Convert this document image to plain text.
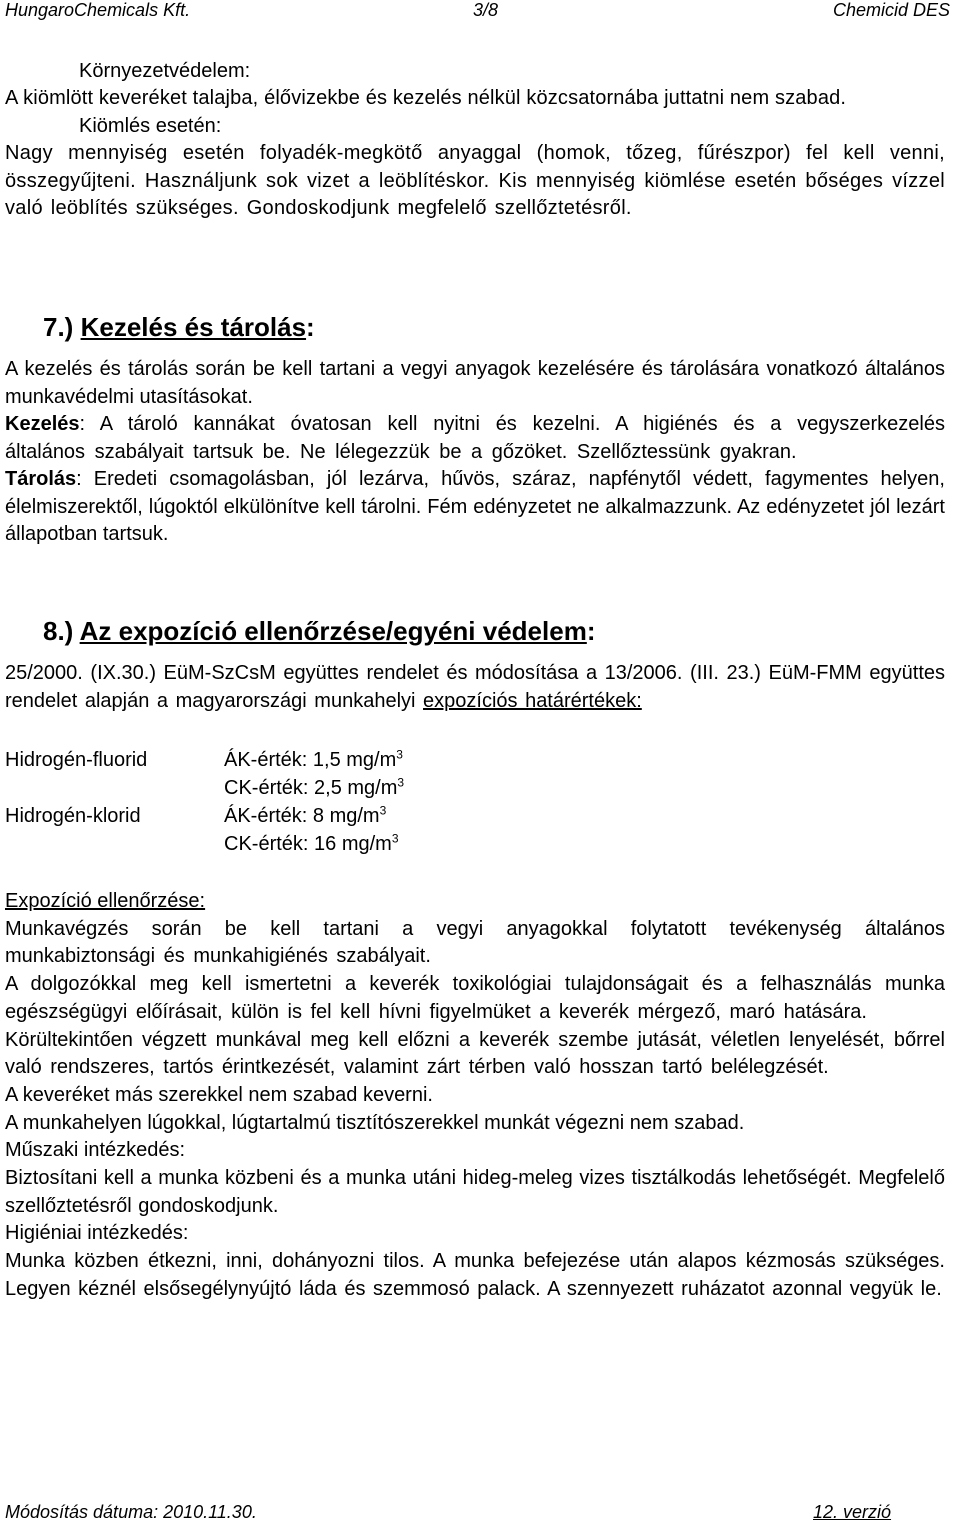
HungaroChemicals Kft.	3/8	Chemicid DES

Környezetvédelem:

A kiömlött keveréket talajba, élővizekbe és kezelés nélkül közcsatornába juttatni nem szabad.

Kiömlés esetén:

Nagy mennyiség esetén folyadék-megkötő anyaggal (homok, tőzeg, fűrészpor) fel kell venni, összegyűjteni. Használjunk sok vizet a leöblítéskor. Kis mennyiség kiömlése esetén bőséges vízzel való leöblítés szükséges. Gondoskodjunk megfelelő szellőztetésről.

7.) Kezelés és tárolás:

A kezelés és tárolás során be kell tartani a vegyi anyagok kezelésére és tárolására vonatkozó általános munkavédelmi utasításokat.

Kezelés: A tároló kannákat óvatosan kell nyitni és kezelni. A higiénés és a vegyszerkezelés általános szabályait tartsuk be. Ne lélegezzük be a gőzöket. Szellőztessünk gyakran.

Tárolás: Eredeti csomagolásban, jól lezárva, hűvös, száraz, napfénytől védett, fagymentes helyen, élelmiszerektől, lúgoktól elkülönítve kell tárolni. Fém edényzetet ne alkalmazzunk. Az edényzetet jól lezárt állapotban tartsuk.

8.) Az expozíció ellenőrzése/egyéni védelem:

25/2000. (IX.30.) EüM-SzCsM együttes rendelet és módosítása a 13/2006. (III. 23.) EüM-FMM együttes rendelet alapján a magyarországi munkahelyi expozíciós határértékek:

Hidrogén-fluorid	ÁK-érték: 1,5 $mg/m^3$
CK-érték: 2,5 $mg/m^3$
Hidrogén-klorid	ÁK-érték: 8 $mg/m^3$
CK-érték: 16 $mg/m^3$

Expozíció ellenőrzése:

Munkavégzés során be kell tartani a vegyi anyagokkal folytatott tevékenység általános munkabiztonsági és munkahigiénés szabályait.

A dolgozókkal meg kell ismertetni a keverék toxikológiai tulajdonságait és a felhasználás munka egészségügyi előírásait, külön is fel kell hívni figyelmüket a keverék mérgező, maró hatására.

Körültekintően végzett munkával meg kell előzni a keverék szembe jutását, véletlen lenyelését, bőrrel való rendszeres, tartós érintkezését, valamint zárt térben való hosszan tartó belélegzését.

A keveréket más szerekkel nem szabad keverni.

A munkahelyen lúgokkal, lúgtartalmú tisztítószerekkel munkát végezni nem szabad.

Műszaki intézkedés:

Biztosítani kell a munka közbeni és a munka utáni hideg-meleg vizes tisztálkodás lehetőségét. Megfelelő szellőztetésről gondoskodjunk.

Higiéniai intézkedés:

Munka közben étkezni, inni, dohányozni tilos. A munka befejezése után alapos kézmosás szükséges. Legyen kéznél elsősegélynyújtó láda és szemmosó palack. A szennyezett ruházatot azonnal vegyük le.

Módosítás dátuma: 2010.11.30.	12. verzió
